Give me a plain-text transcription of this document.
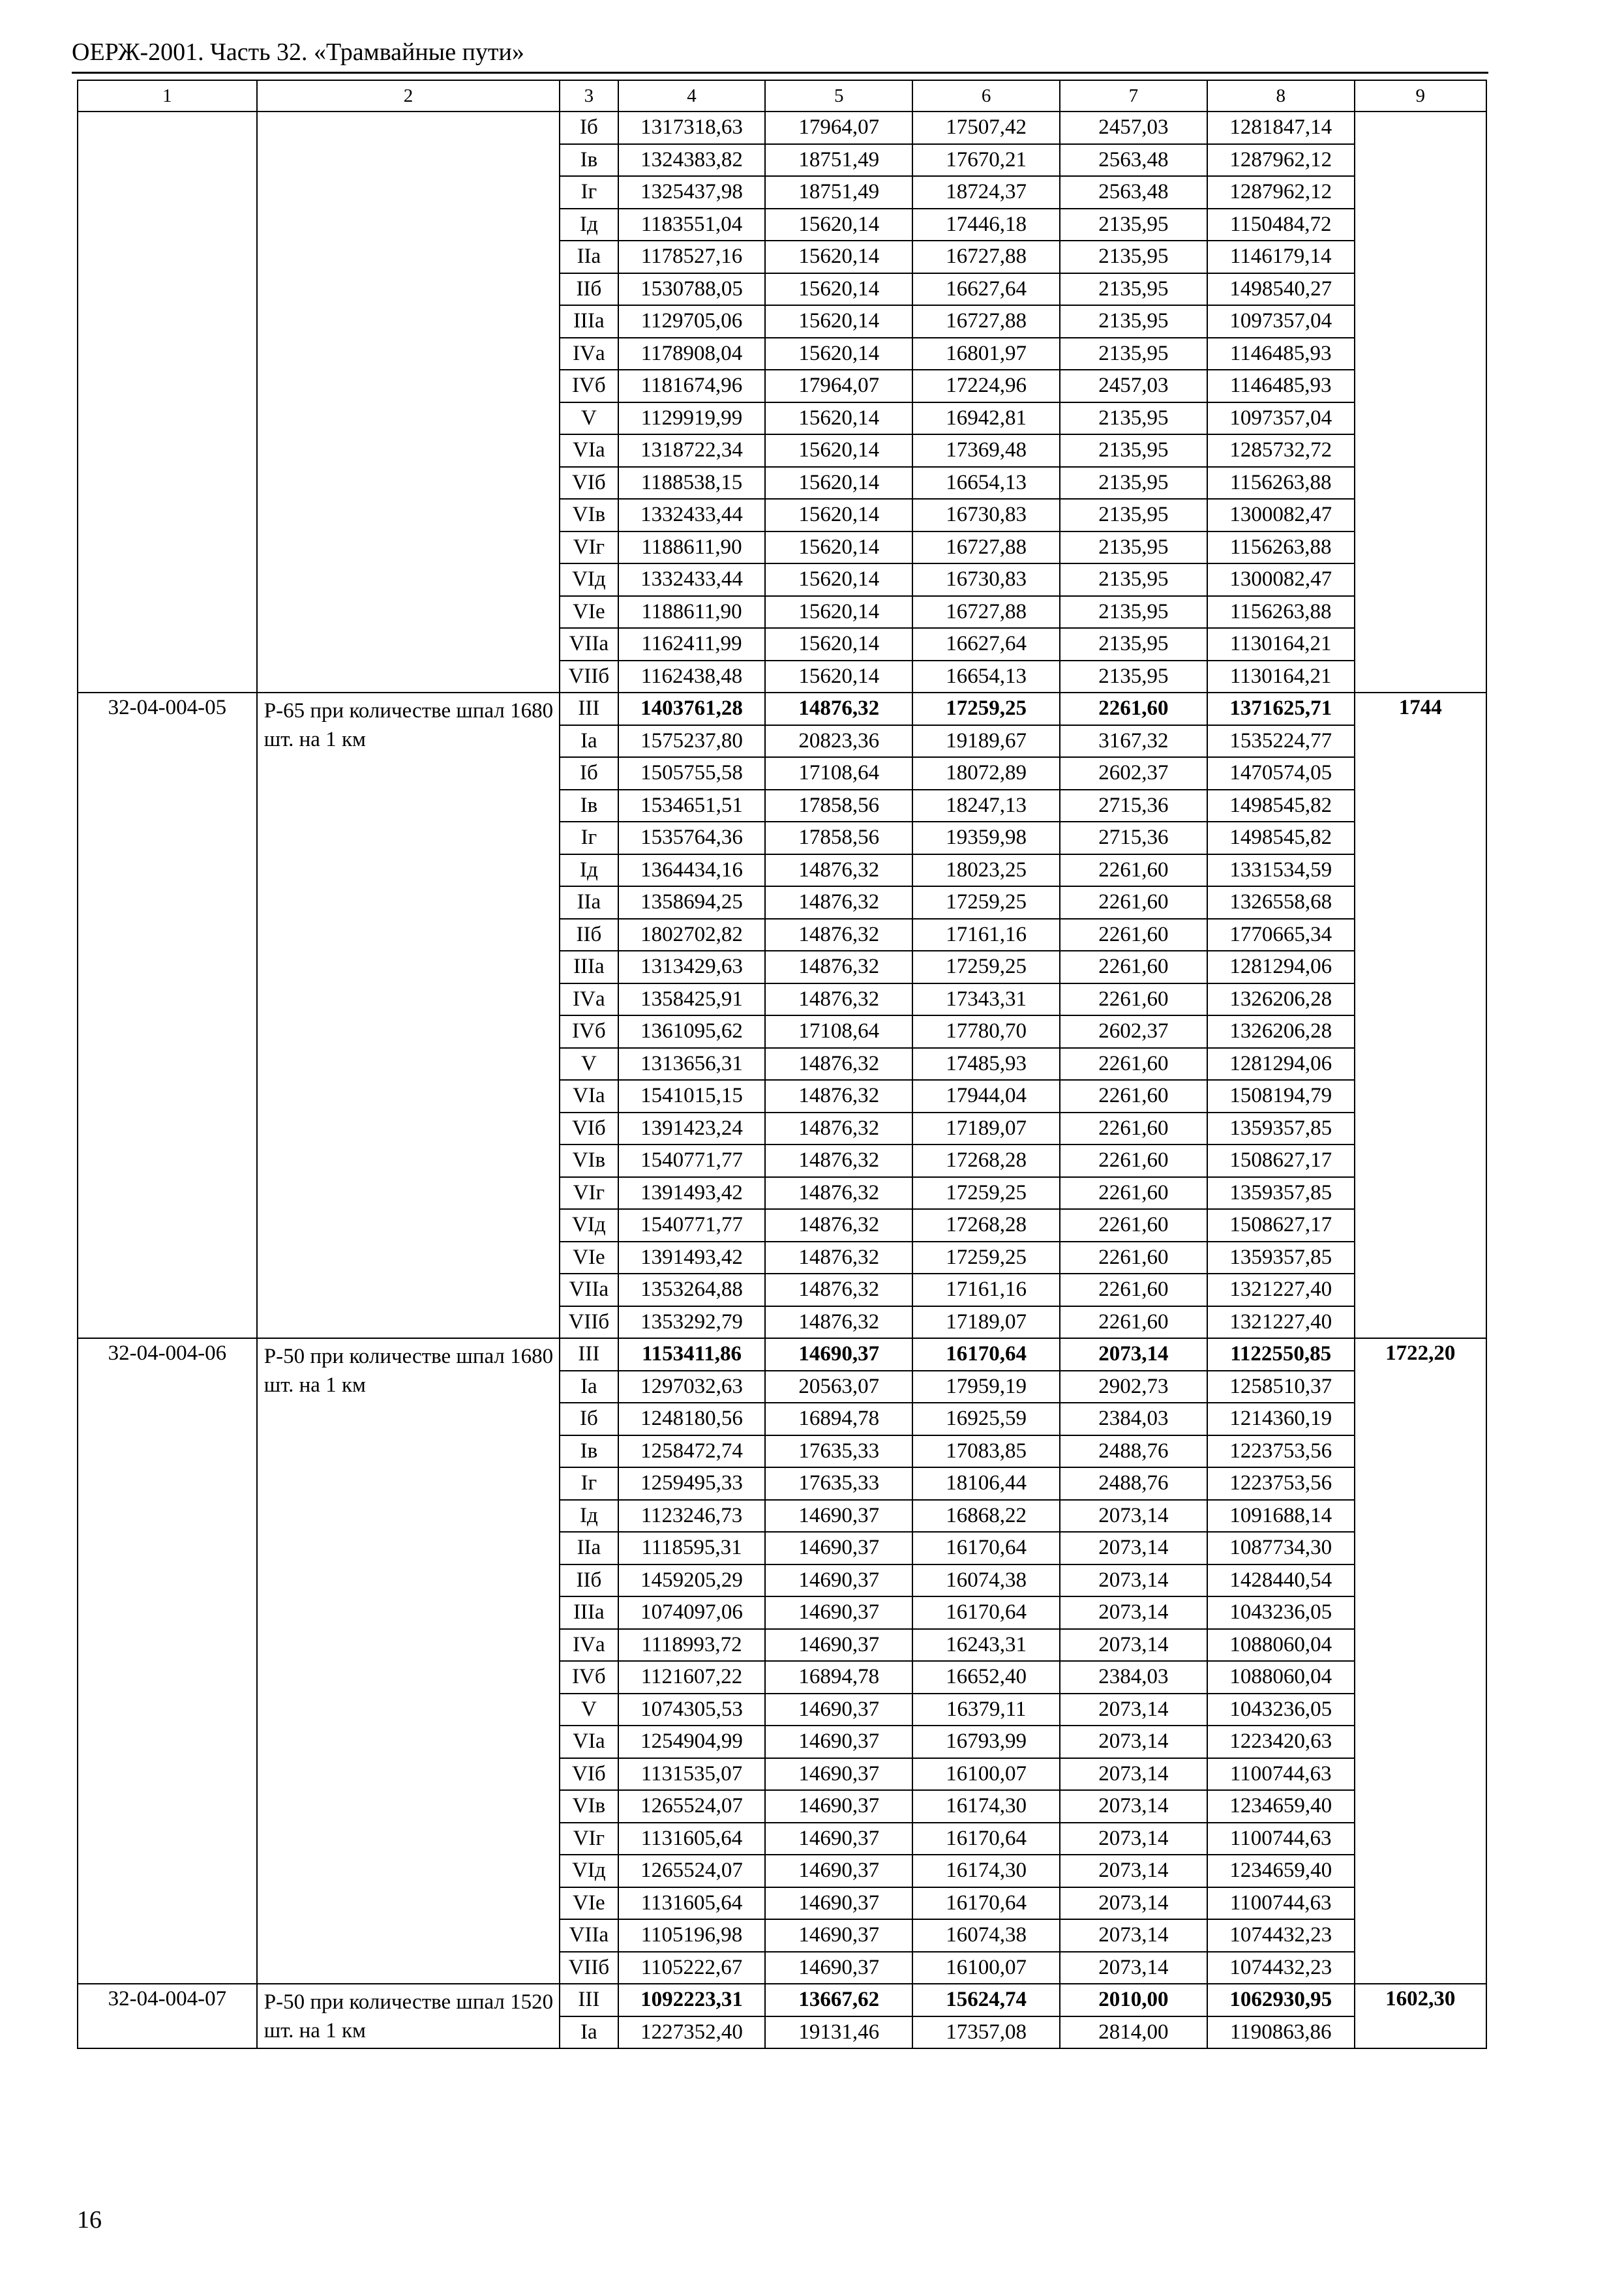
ОЕРЖ-2001. Часть 32. «Трамвайные пути»
1	2	3	4	5	6	7	8	9
		Iб	1317318,63	17964,07	17507,42	2457,03	1281847,14	
		Iв	1324383,82	18751,49	17670,21	2563,48	1287962,12	
		Iг	1325437,98	18751,49	18724,37	2563,48	1287962,12	
		Iд	1183551,04	15620,14	17446,18	2135,95	1150484,72	
		IIа	1178527,16	15620,14	16727,88	2135,95	1146179,14	
		IIб	1530788,05	15620,14	16627,64	2135,95	1498540,27	
		IIIа	1129705,06	15620,14	16727,88	2135,95	1097357,04	
		IVа	1178908,04	15620,14	16801,97	2135,95	1146485,93	
		IVб	1181674,96	17964,07	17224,96	2457,03	1146485,93	
		V	1129919,99	15620,14	16942,81	2135,95	1097357,04	
		VIа	1318722,34	15620,14	17369,48	2135,95	1285732,72	
		VIб	1188538,15	15620,14	16654,13	2135,95	1156263,88	
		VIв	1332433,44	15620,14	16730,83	2135,95	1300082,47	
		VIг	1188611,90	15620,14	16727,88	2135,95	1156263,88	
		VIд	1332433,44	15620,14	16730,83	2135,95	1300082,47	
		VIе	1188611,90	15620,14	16727,88	2135,95	1156263,88	
		VIIа	1162411,99	15620,14	16627,64	2135,95	1130164,21	
		VIIб	1162438,48	15620,14	16654,13	2135,95	1130164,21	
32-04-004-05	Р-65 при количестве шпал 1680 шт. на 1 км	III	1403761,28	14876,32	17259,25	2261,60	1371625,71	1744
		Iа	1575237,80	20823,36	19189,67	3167,32	1535224,77	
		Iб	1505755,58	17108,64	18072,89	2602,37	1470574,05	
		Iв	1534651,51	17858,56	18247,13	2715,36	1498545,82	
		Iг	1535764,36	17858,56	19359,98	2715,36	1498545,82	
		Iд	1364434,16	14876,32	18023,25	2261,60	1331534,59	
		IIа	1358694,25	14876,32	17259,25	2261,60	1326558,68	
		IIб	1802702,82	14876,32	17161,16	2261,60	1770665,34	
		IIIа	1313429,63	14876,32	17259,25	2261,60	1281294,06	
		IVа	1358425,91	14876,32	17343,31	2261,60	1326206,28	
		IVб	1361095,62	17108,64	17780,70	2602,37	1326206,28	
		V	1313656,31	14876,32	17485,93	2261,60	1281294,06	
		VIа	1541015,15	14876,32	17944,04	2261,60	1508194,79	
		VIб	1391423,24	14876,32	17189,07	2261,60	1359357,85	
		VIв	1540771,77	14876,32	17268,28	2261,60	1508627,17	
		VIг	1391493,42	14876,32	17259,25	2261,60	1359357,85	
		VIд	1540771,77	14876,32	17268,28	2261,60	1508627,17	
		VIе	1391493,42	14876,32	17259,25	2261,60	1359357,85	
		VIIа	1353264,88	14876,32	17161,16	2261,60	1321227,40	
		VIIб	1353292,79	14876,32	17189,07	2261,60	1321227,40	
32-04-004-06	Р-50 при количестве шпал 1680 шт. на 1 км	III	1153411,86	14690,37	16170,64	2073,14	1122550,85	1722,20
		Iа	1297032,63	20563,07	17959,19	2902,73	1258510,37	
		Iб	1248180,56	16894,78	16925,59	2384,03	1214360,19	
		Iв	1258472,74	17635,33	17083,85	2488,76	1223753,56	
		Iг	1259495,33	17635,33	18106,44	2488,76	1223753,56	
		Iд	1123246,73	14690,37	16868,22	2073,14	1091688,14	
		IIа	1118595,31	14690,37	16170,64	2073,14	1087734,30	
		IIб	1459205,29	14690,37	16074,38	2073,14	1428440,54	
		IIIа	1074097,06	14690,37	16170,64	2073,14	1043236,05	
		IVа	1118993,72	14690,37	16243,31	2073,14	1088060,04	
		IVб	1121607,22	16894,78	16652,40	2384,03	1088060,04	
		V	1074305,53	14690,37	16379,11	2073,14	1043236,05	
		VIа	1254904,99	14690,37	16793,99	2073,14	1223420,63	
		VIб	1131535,07	14690,37	16100,07	2073,14	1100744,63	
		VIв	1265524,07	14690,37	16174,30	2073,14	1234659,40	
		VIг	1131605,64	14690,37	16170,64	2073,14	1100744,63	
		VIд	1265524,07	14690,37	16174,30	2073,14	1234659,40	
		VIе	1131605,64	14690,37	16170,64	2073,14	1100744,63	
		VIIа	1105196,98	14690,37	16074,38	2073,14	1074432,23	
		VIIб	1105222,67	14690,37	16100,07	2073,14	1074432,23	
32-04-004-07	Р-50 при количестве шпал 1520 шт. на 1 км	III	1092223,31	13667,62	15624,74	2010,00	1062930,95	1602,30
		Iа	1227352,40	19131,46	17357,08	2814,00	1190863,86	
16
